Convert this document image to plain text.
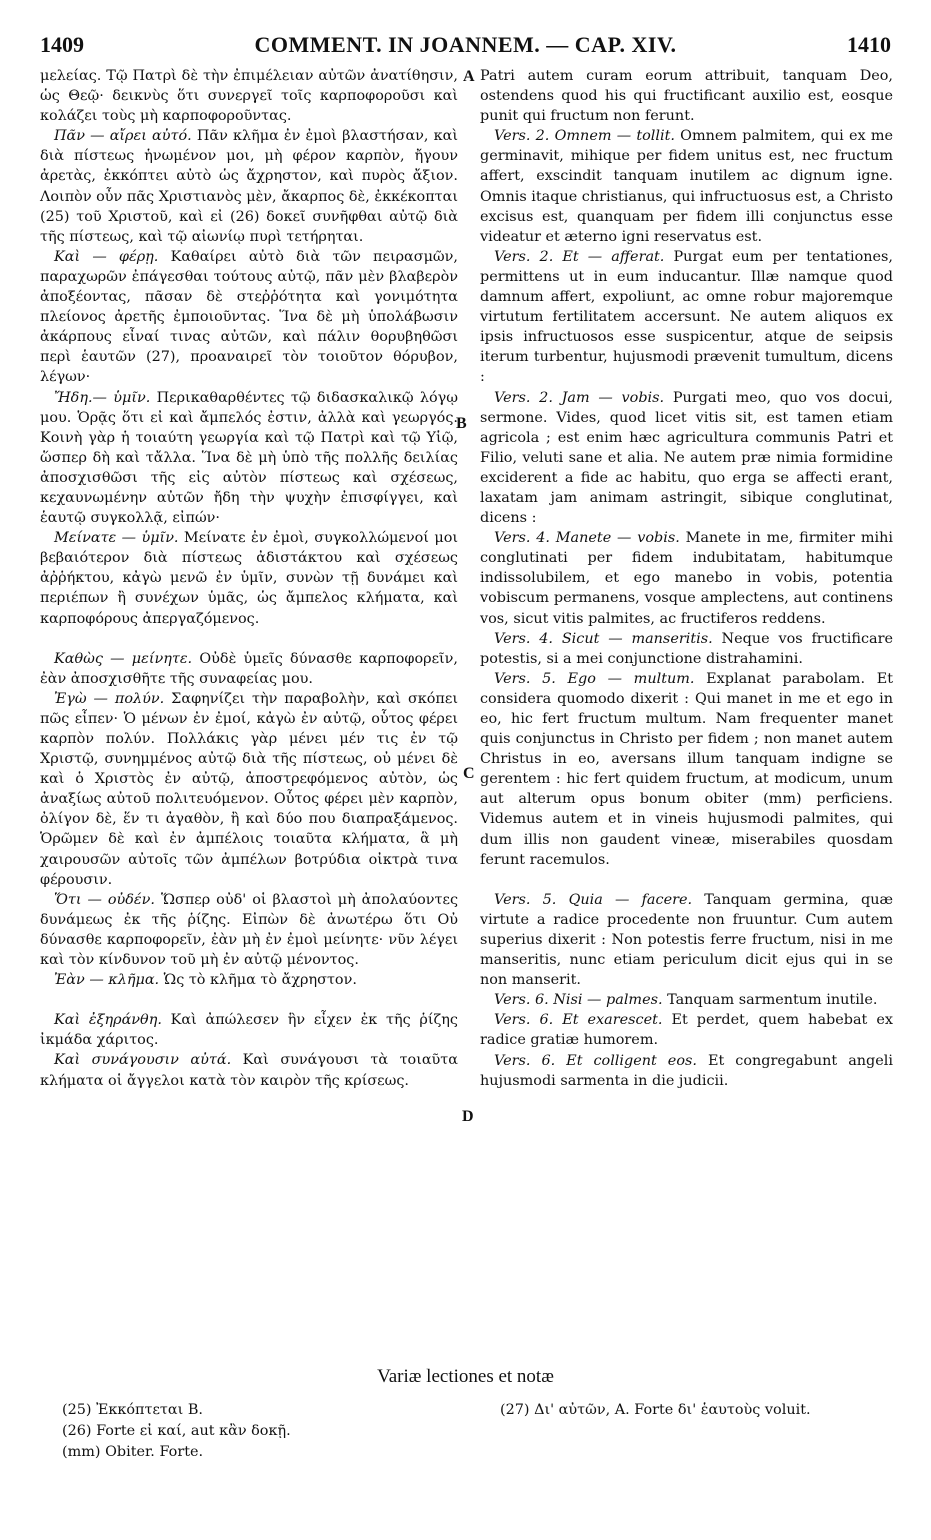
1409	COMMENT. IN JOANNEM. — CAP. XIV.	1410

μελείας. Τῷ Πατρὶ δὲ τὴν ἐπιμέλειαν αὐτῶν ἀνατίθησιν, ὡς Θεῷ· δεικνὺς ὅτι συνεργεῖ τοῖς καρποφοροῦσι καὶ κολάζει τοὺς μὴ καρποφοροῦντας.

Πᾶν — αἴρει αὐτό. Πᾶν κλῆμα ἐν ἐμοὶ βλαστήσαν, καὶ διὰ πίστεως ἡνωμένον μοι, μὴ φέρον καρπὸν, ἤγουν ἀρετὰς, ἐκκόπτει αὐτὸ ὡς ἄχρηστον, καὶ πυρὸς ἄξιον. Λοιπὸν οὖν πᾶς Χριστιανὸς μὲν, ἄκαρπος δὲ, ἐκκέκοπται (25) τοῦ Χριστοῦ, καὶ εἰ (26) δοκεῖ συνῆφθαι αὐτῷ διὰ τῆς πίστεως, καὶ τῷ αἰωνίῳ πυρὶ τετήρηται.

Καὶ — φέρῃ. Καθαίρει αὐτὸ διὰ τῶν πειρασμῶν, παραχωρῶν ἐπάγεσθαι τούτους αὐτῷ, πᾶν μὲν βλαβερὸν ἀποξέοντας, πᾶσαν δὲ στεῤῥότητα καὶ γονιμότητα πλείονος ἀρετῆς ἐμποιοῦντας. Ἵνα δὲ μὴ ὑπολάβωσιν ἀκάρπους εἶναί τινας αὐτῶν, καὶ πάλιν θορυβηθῶσι περὶ ἑαυτῶν (27), προαναιρεῖ τὸν τοιοῦτον θόρυβον, λέγων·

Ἤδη.— ὑμῖν. Περικαθαρθέντες τῷ διδασκαλικῷ λόγῳ μου. Ὁρᾷς ὅτι εἰ καὶ ἄμπελός ἐστιν, ἀλλὰ καὶ γεωργός. Κοινὴ γὰρ ἡ τοιαύτη γεωργία καὶ τῷ Πατρὶ καὶ τῷ Υἱῷ, ὥσπερ δὴ καὶ τἄλλα. Ἵνα δὲ μὴ ὑπὸ τῆς πολλῆς δειλίας ἀποσχισθῶσι τῆς εἰς αὐτὸν πίστεως καὶ σχέσεως, κεχαυνωμένην αὐτῶν ἤδη τὴν ψυχὴν ἐπισφίγγει, καὶ ἑαυτῷ συγκολλᾷ, εἰπών·

Μείνατε — ὑμῖν. Μείνατε ἐν ἐμοὶ, συγκολλώμενοί μοι βεβαιότερον διὰ πίστεως ἀδιστάκτου καὶ σχέσεως ἀῤῥήκτου, κἀγὼ μενῶ ἐν ὑμῖν, συνὼν τῇ δυνάμει καὶ περιέπων ἢ συνέχων ὑμᾶς, ὡς ἄμπελος κλήματα, καὶ καρποφόρους ἀπεργαζόμενος.

Καθὼς — μείνητε. Οὐδὲ ὑμεῖς δύνασθε καρποφορεῖν, ἐὰν ἀποσχισθῆτε τῆς συναφείας μου.

Ἐγὼ — πολύν. Σαφηνίζει τὴν παραβολὴν, καὶ σκόπει πῶς εἶπεν· Ὁ μένων ἐν ἐμοί, κἀγὼ ἐν αὐτῷ, οὗτος φέρει καρπὸν πολύν. Πολλάκις γὰρ μένει μέν τις ἐν τῷ Χριστῷ, συνημμένος αὐτῷ διὰ τῆς πίστεως, οὐ μένει δὲ καὶ ὁ Χριστὸς ἐν αὐτῷ, ἀποστρεφόμενος αὐτὸν, ὡς ἀναξίως αὐτοῦ πολιτευόμενον. Οὗτος φέρει μὲν καρπὸν, ὀλίγον δὲ, ἕν τι ἀγαθὸν, ἢ καὶ δύο που διαπραξάμενος. Ὁρῶμεν δὲ καὶ ἐν ἀμπέλοις τοιαῦτα κλήματα, ἃ μὴ χαιρουσῶν αὐτοῖς τῶν ἀμπέλων βοτρύδια οἰκτρὰ τινα φέρουσιν.

Ὅτι — οὐδέν. Ὥσπερ οὐδ' οἱ βλαστοὶ μὴ ἀπολαύοντες δυνάμεως ἐκ τῆς ῥίζης. Εἰπὼν δὲ ἀνωτέρω ὅτι Οὐ δύνασθε καρποφορεῖν, ἐὰν μὴ ἐν ἐμοὶ μείνητε· νῦν λέγει καὶ τὸν κίνδυνον τοῦ μὴ ἐν αὐτῷ μένοντος.

Ἐὰν — κλῆμα. Ὡς τὸ κλῆμα τὸ ἄχρηστον.

Καὶ ἐξηράνθη. Καὶ ἀπώλεσεν ἣν εἶχεν ἐκ τῆς ῥίζης ἰκμάδα χάριτος.

Καὶ συνάγουσιν αὐτά. Καὶ συνάγουσι τὰ τοιαῦτα κλήματα οἱ ἄγγελοι κατὰ τὸν καιρὸν τῆς κρίσεως.

Patri autem curam eorum attribuit, tanquam Deo, ostendens quod his qui fructificant auxilio est, eosque punit qui fructum non ferunt.

Vers. 2. Omnem — tollit. Omnem palmitem, qui ex me germinavit, mihique per fidem unitus est, nec fructum affert, exscindit tanquam inutilem ac dignum igne. Omnis itaque christianus, qui infructuosus est, a Christo excisus est, quanquam per fidem illi conjunctus esse videatur et æterno igni reservatus est.

Vers. 2. Et — afferat. Purgat eum per tentationes, permittens ut in eum inducantur. Illæ namque quod damnum affert, expoliunt, ac omne robur majoremque virtutum fertilitatem accersunt. Ne autem aliquos ex ipsis infructuosos esse suspicentur, atque de seipsis iterum turbentur, hujusmodi prævenit tumultum, dicens :

Vers. 2. Jam — vobis. Purgati meo, quo vos docui, sermone. Vides, quod licet vitis sit, est tamen etiam agricola ; est enim hæc agricultura communis Patri et Filio, veluti sane et alia. Ne autem præ nimia formidine exciderent a fide ac habitu, quo erga se affecti erant, laxatam jam animam astringit, sibique conglutinat, dicens :

Vers. 4. Manete — vobis. Manete in me, firmiter mihi conglutinati per fidem indubitatam, habitumque indissolubilem, et ego manebo in vobis, potentia vobiscum permanens, vosque amplectens, aut continens vos, sicut vitis palmites, ac fructiferos reddens.

Vers. 4. Sicut — manseritis. Neque vos fructificare potestis, si a mei conjunctione distrahamini.

Vers. 5. Ego — multum. Explanat parabolam. Et considera quomodo dixerit : Qui manet in me et ego in eo, hic fert fructum multum. Nam frequenter manet quis conjunctus in Christo per fidem ; non manet autem Christus in eo, aversans illum tanquam indigne se gerentem : hic fert quidem fructum, at modicum, unum aut alterum opus bonum obiter (mm) perficiens. Videmus autem et in vineis hujusmodi palmites, qui dum illis non gaudent vineæ, miserabiles quosdam ferunt racemulos.

Vers. 5. Quia — facere. Tanquam germina, quæ virtute a radice procedente non fruuntur. Cum autem superius dixerit : Non potestis ferre fructum, nisi in me manseritis, nunc etiam periculum dicit ejus qui in se non manserit.

Vers. 6. Nisi — palmes. Tanquam sarmentum inutile.

Vers. 6. Et exarescet. Et perdet, quem habebat ex radice gratiæ humorem.

Vers. 6. Et colligent eos. Et congregabunt angeli hujusmodi sarmenta in die judicii.

A
B
C
D
Variæ lectiones et notæ
(25) Ἐκκόπτεται B.
(26) Forte εἰ καί, aut κἂν δοκῇ.
(mm) Obiter. Forte.
(27) Δι' αὐτῶν, A. Forte δι' ἑαυτοὺς voluit.
